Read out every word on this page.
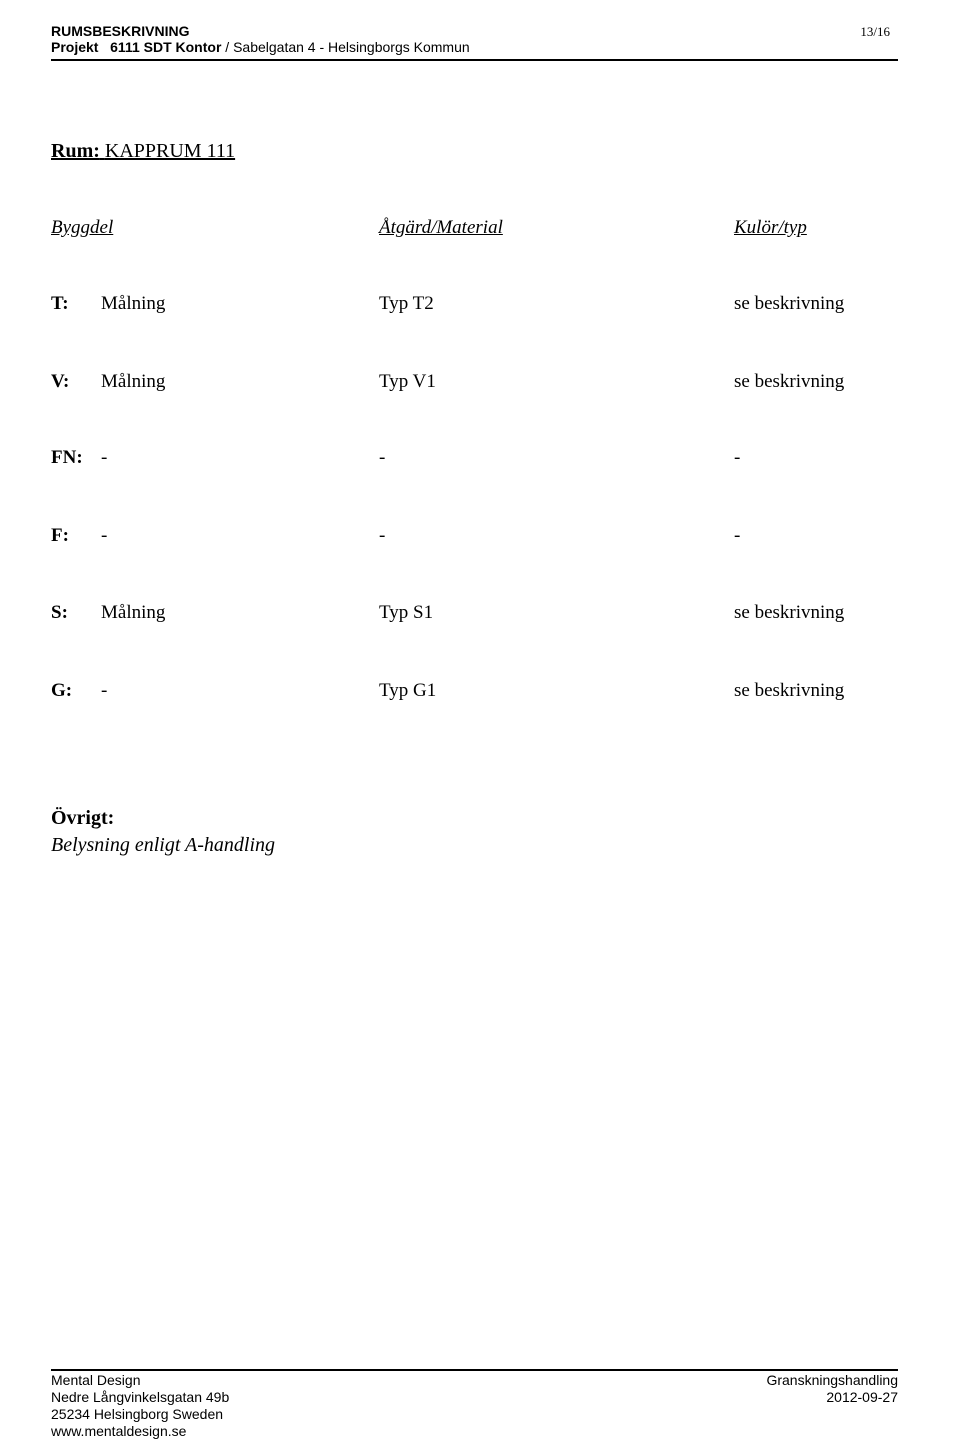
RUMSBESKRIVNING
Projekt 6111 SDT Kontor / Sabelgatan 4 - Helsingborgs Kommun
13/16
Rum: KAPPRUM 111
Byggdel	Åtgärd/Material	Kulör/typ
T: Målning	Typ T2	se beskrivning
V: Målning	Typ V1	se beskrivning
FN: -	-	-
F: -	-	-
S: Målning	Typ S1	se beskrivning
G: -	Typ G1	se beskrivning
Övrigt:
Belysning enligt A-handling
Mental Design
Nedre Långvinkelsgatan 49b
25234 Helsingborg Sweden
www.mentaldesign.se
Granskningshandling
2012-09-27
